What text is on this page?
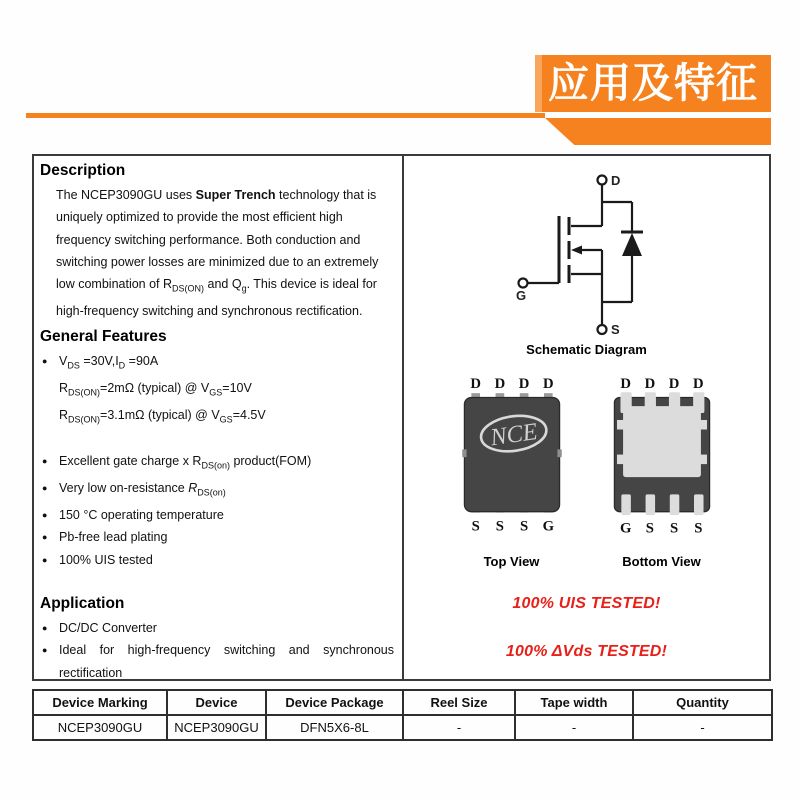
应用及特征
Description

The NCEP3090GU uses Super Trench technology that is uniquely optimized to provide the most efficient high frequency switching performance. Both conduction and switching power losses are minimized due to an extremely low combination of $R_{DS(ON)}$ and $Q_g$. This device is ideal for high-frequency switching and synchronous rectification.

General Features
● $V_{DS} =30V,I_D =90A$
$R_{DS(ON)}=2m\Omega$ (typical) @ $V_{GS}=10V$
$R_{DS(ON)}=3.1m\Omega$ (typical) @ $V_{GS}=4.5V$
● Excellent gate charge x $R_{DS(on)}$ product(FOM)
● Very low on-resistance $R_{DS(on)}$
● 150 °C operating temperature
● Pb-free lead plating
● 100% UIS tested
Application
● DC/DC Converter
● Ideal for high-frequency switching and synchronous rectification
D
G
S
Schematic Diagram
D D D D
NCE
S S S G
D D D D
G S S S
Top View	Bottom View
100% UIS TESTED!
100% ΔVds TESTED!
Device Marking	Device	Device Package	Reel Size	Tape width	Quantity
NCEP3090GU	NCEP3090GU	DFN5X6-8L	-	-	-
